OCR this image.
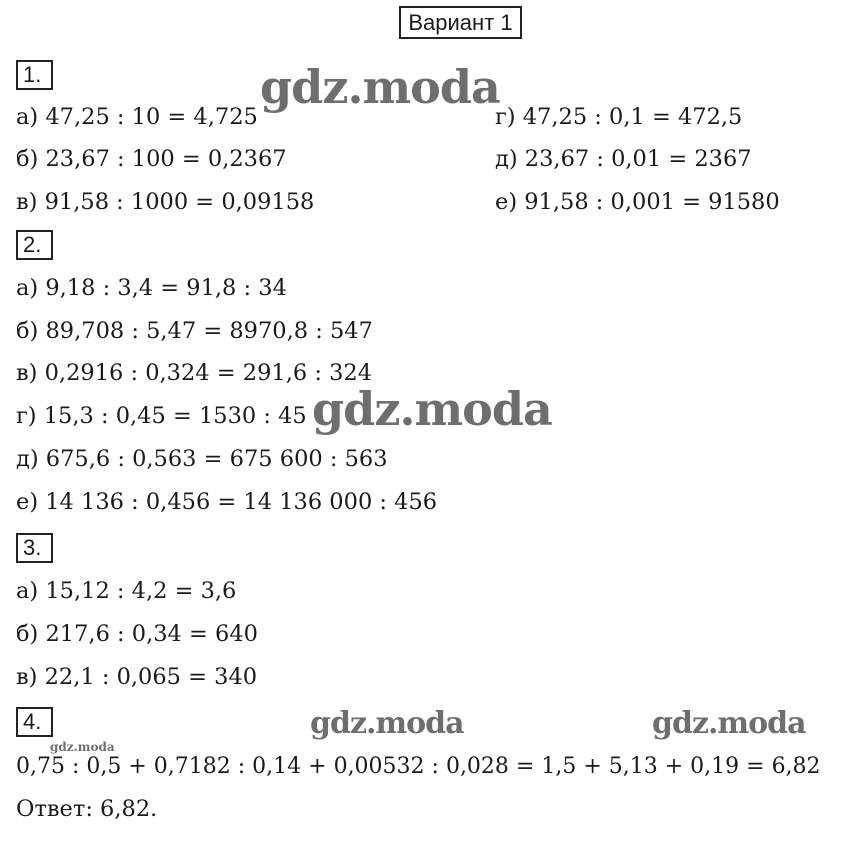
Вариант 1
1.
а) 47,25 : 10 = 4,725
б) 23,67 : 100 = 0,2367
в) 91,58 : 1000 = 0,09158
г) 47,25 : 0,1 = 472,5
д) 23,67 : 0,01 = 2367
е) 91,58 : 0,001 = 91580
2.
а) 9,18 : 3,4 = 91,8 : 34
б) 89,708 : 5,47 = 8970,8 : 547
в) 0,2916 : 0,324 = 291,6 : 324
г) 15,3 : 0,45 = 1530 : 45
д) 675,6 : 0,563 = 675 600 : 563
е) 14 136 : 0,456 = 14 136 000 : 456
3.
а) 15,12 : 4,2 = 3,6
б) 217,6 : 0,34 = 640
в) 22,1 : 0,065 = 340
4.
0,75 : 0,5 + 0,7182 : 0,14 + 0,00532 : 0,028 = 1,5 + 5,13 + 0,19 = 6,82
Ответ: 6,82.
gdz.moda
gdz.moda
gdz.moda	gdz.moda
gdz.moda
